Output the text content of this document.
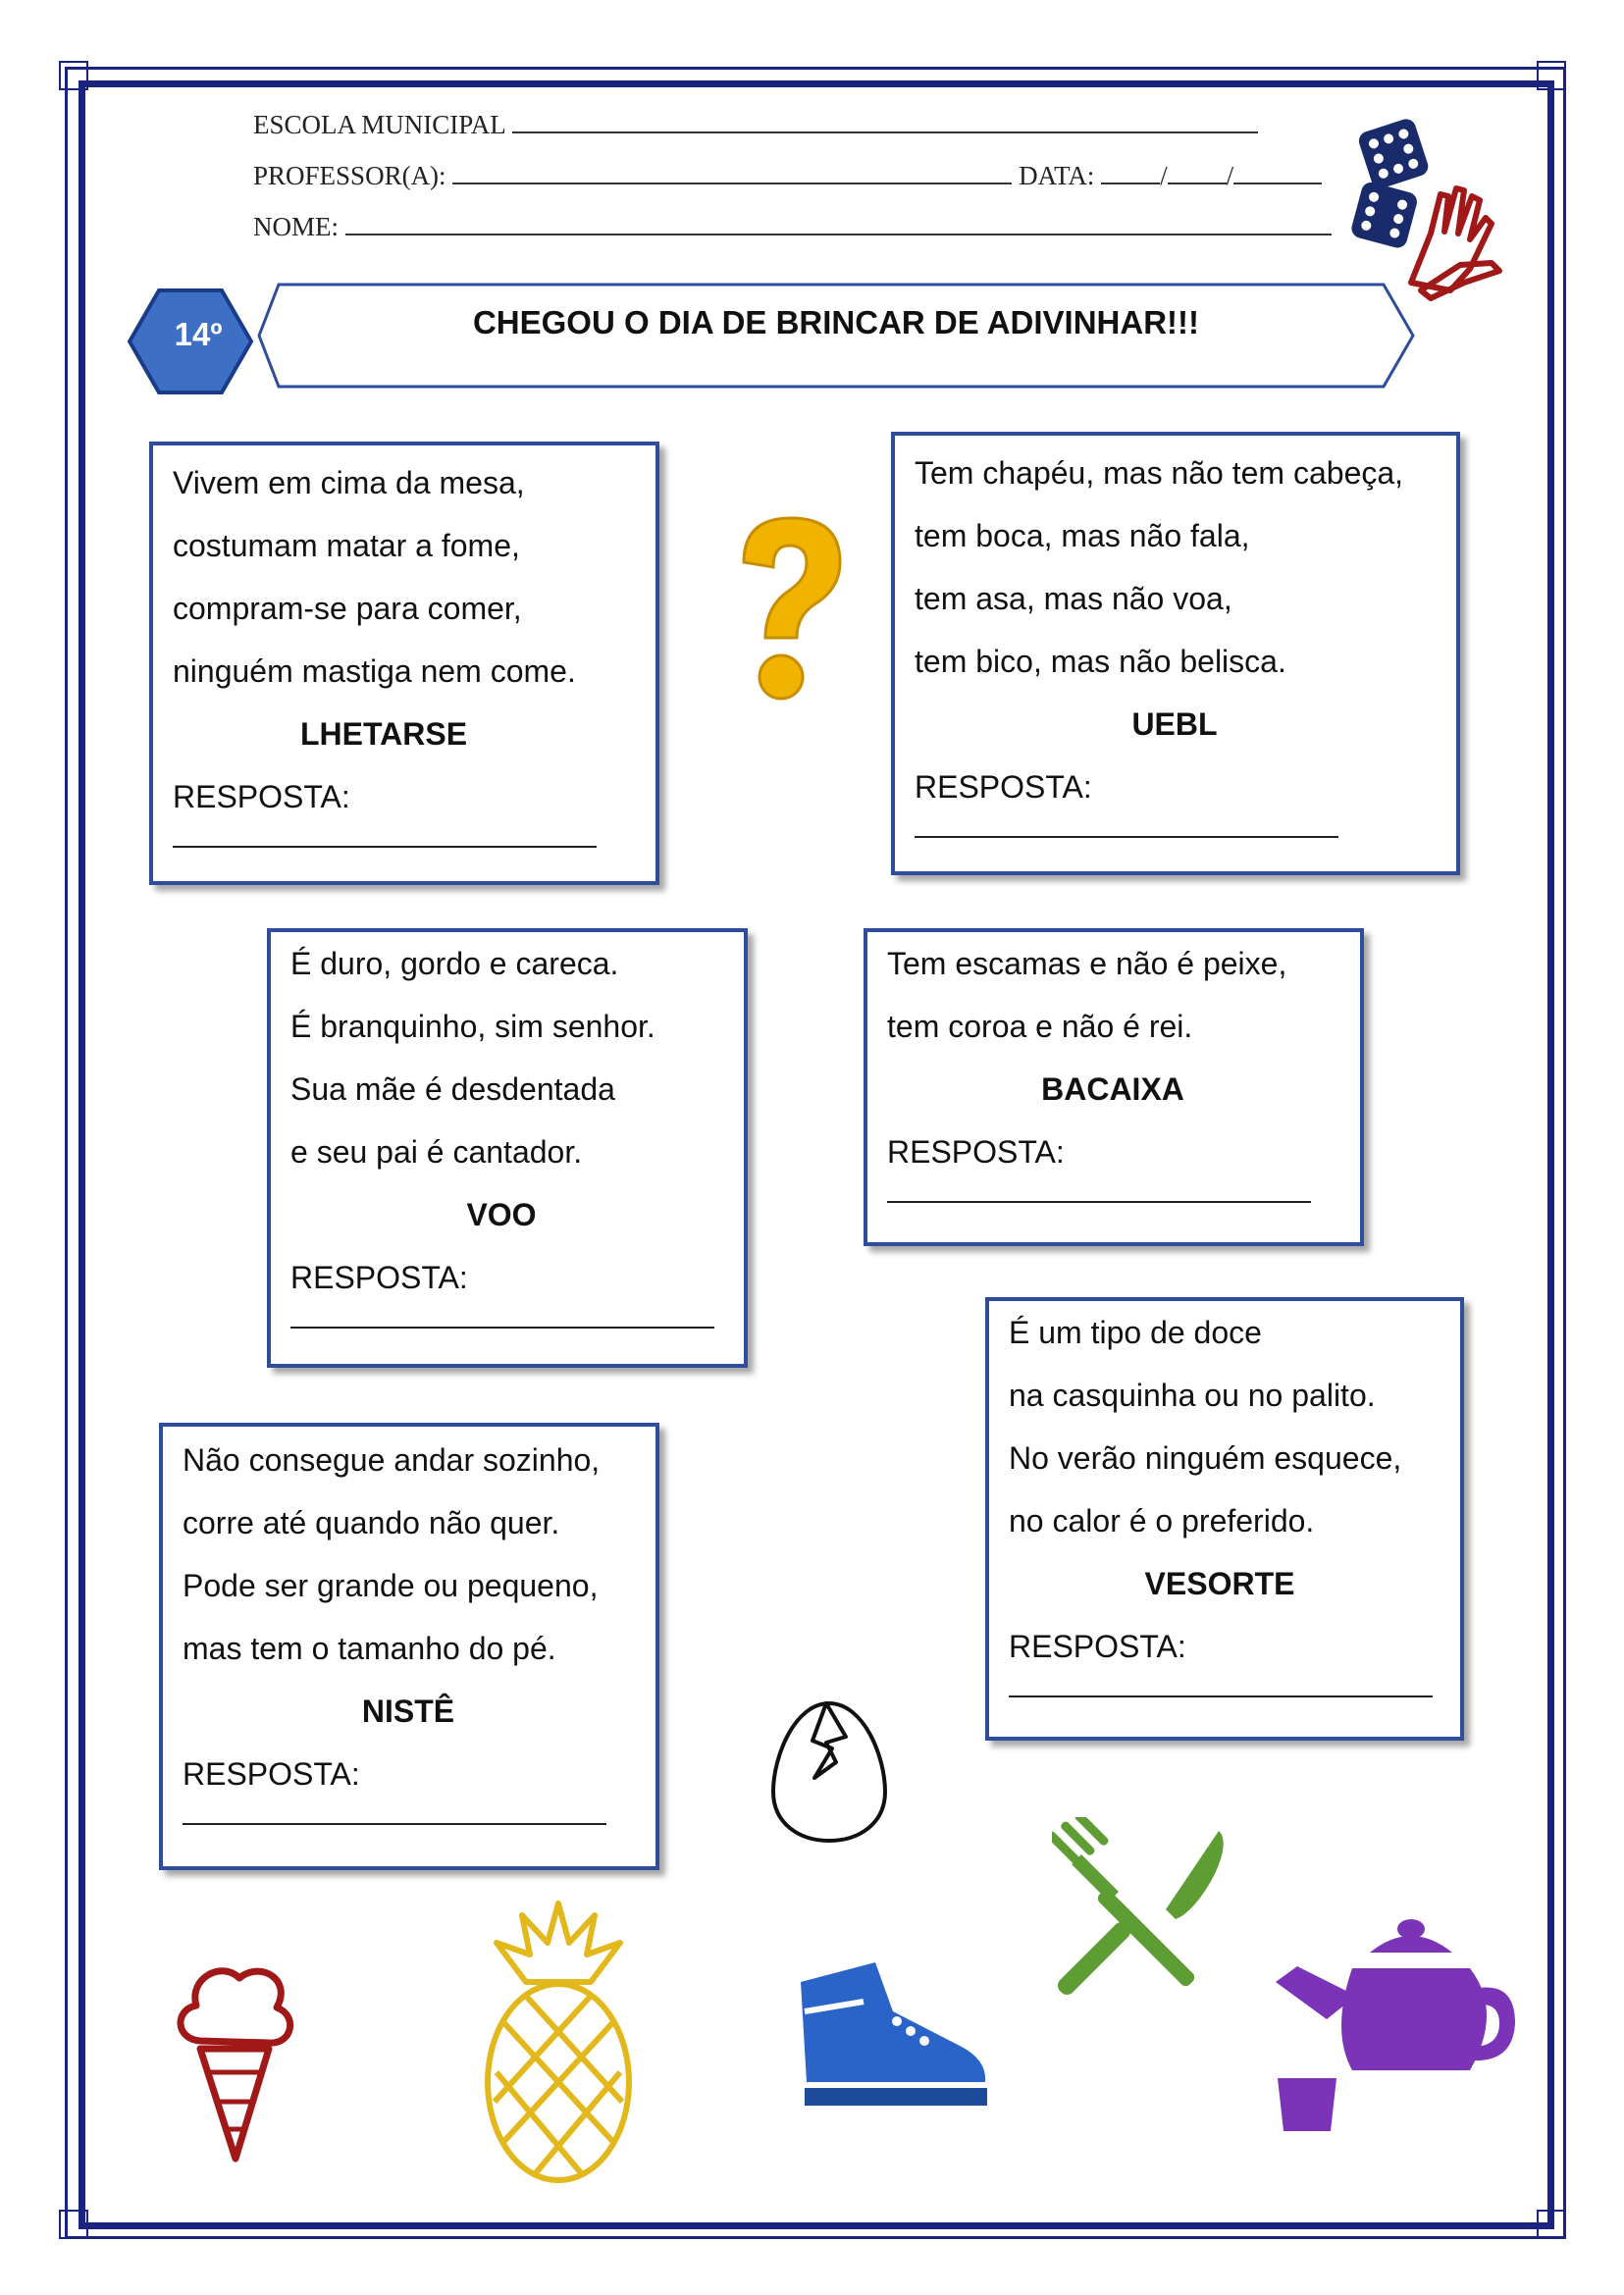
ESCOLA MUNICIPAL
PROFESSOR(A):	DATA: / /
NOME:
14º	CHEGOU O DIA DE BRINCAR DE ADIVINHAR!!!
Vivem em cima da mesa,
costumam matar a fome,
compram-se para comer,
ninguém mastiga nem come.
LHETARSE
RESPOSTA:
Tem chapéu, mas não tem cabeça,
tem boca, mas não fala,
tem asa, mas não voa,
tem bico, mas não belisca.
UEBL
RESPOSTA:
É duro, gordo e careca.
É branquinho, sim senhor.
Sua mãe é desdentada
e seu pai é cantador.
VOO
RESPOSTA:
Tem escamas e não é peixe,
tem coroa e não é rei.
BACAIXA
RESPOSTA:
É um tipo de doce
na casquinha ou no palito.
No verão ninguém esquece,
no calor é o preferido.
VESORTE
RESPOSTA:
Não consegue andar sozinho,
corre até quando não quer.
Pode ser grande ou pequeno,
mas tem o tamanho do pé.
NISTÊ
RESPOSTA:
